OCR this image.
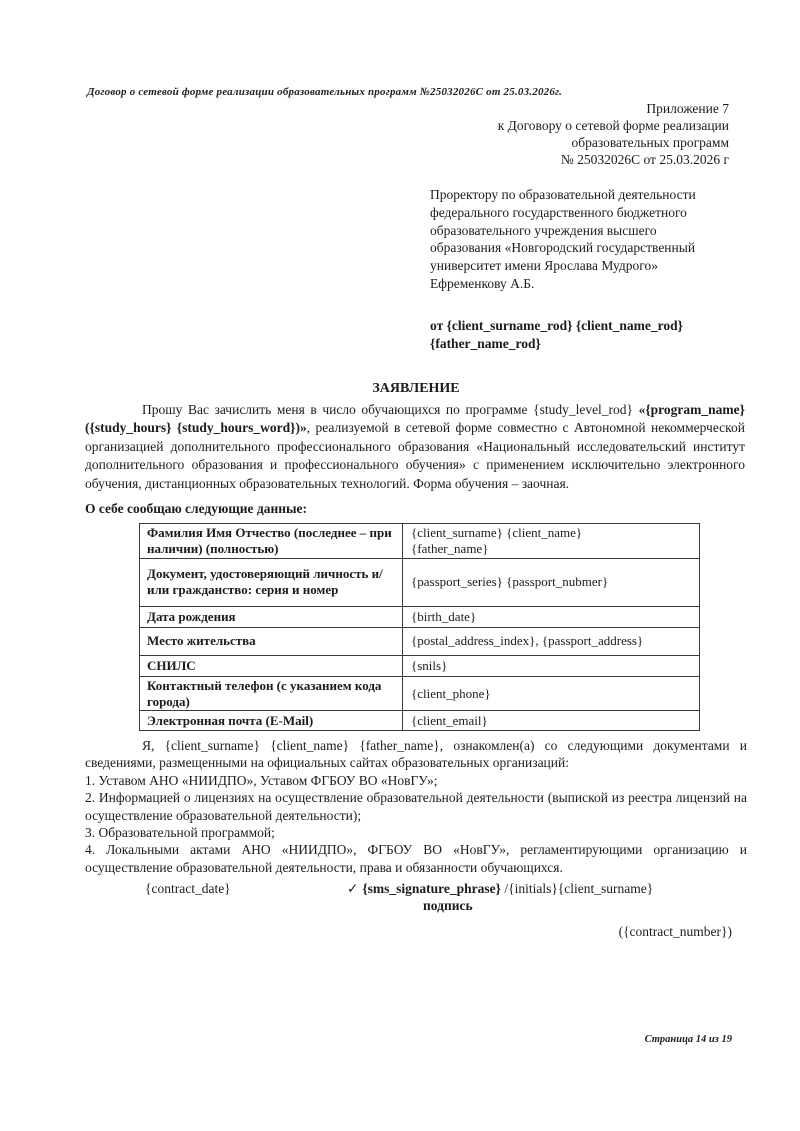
Договор о сетевой форме реализации образовательных программ №25032026С от 25.03.2026г.
Приложение 7
к Договору о сетевой форме реализации
образовательных программ
№ 25032026С от 25.03.2026 г
Проректору по образовательной деятельности
федерального государственного бюджетного
образовательного учреждения высшего
образования «Новгородский государственный
университет имени Ярослава Мудрого»
Ефременкову А.Б.
от {client_surname_rod} {client_name_rod} {father_name_rod}
ЗАЯВЛЕНИЕ
Прошу Вас зачислить меня в число обучающихся по программе {study_level_rod} «{program_name} ({study_hours} {study_hours_word})», реализуемой в сетевой форме совместно с Автономной некоммерческой организацией дополнительного профессионального образования «Национальный исследовательский институт дополнительного образования и профессионального обучения» с применением исключительно электронного обучения, дистанционных образовательных технологий. Форма обучения – заочная.
О себе сообщаю следующие данные:
Фамилия Имя Отчество (последнее – при наличии) (полностью)	{client_surname} {client_name} {father_name}
Документ, удостоверяющий личность и/или гражданство: серия и номер	{passport_series} {passport_nubmer}
Дата рождения	{birth_date}
Место жительства	{postal_address_index}, {passport_address}
СНИЛС	{snils}
Контактный телефон (с указанием кода города)	{client_phone}
Электронная почта (E-Mail)	{client_email}
Я, {client_surname} {client_name} {father_name}, ознакомлен(а) со следующими документами и сведениями, размещенными на официальных сайтах образовательных организаций:
1. Уставом АНО «НИИДПО», Уставом ФГБОУ ВО «НовГУ»;
2. Информацией о лицензиях на осуществление образовательной деятельности (выпиской из реестра лицензий на осуществление образовательной деятельности);
3. Образовательной программой;
4. Локальными актами АНО «НИИДПО», ФГБОУ ВО «НовГУ», регламентирующими организацию и осуществление образовательной деятельности, права и обязанности обучающихся.
{contract_date}	✓ {sms_signature_phrase} /{initials}{client_surname}
подпись
({contract_number})
Страница 14 из 19
